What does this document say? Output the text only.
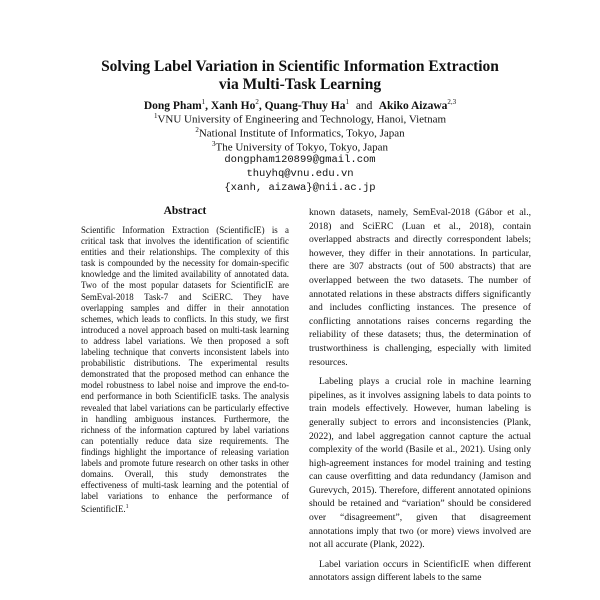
Solving Label Variation in Scientific Information Extraction
via Multi-Task Learning
Dong Pham$^1$, Xanh Ho$^2$, Quang-Thuy Ha$^1$ and Akiko Aizawa$^{2,3}$
$^1$VNU University of Engineering and Technology, Hanoi, Vietnam
$^2$National Institute of Informatics, Tokyo, Japan
$^3$The University of Tokyo, Tokyo, Japan
dongpham120899@gmail.com
thuyhq@vnu.edu.vn
{xanh, aizawa}@nii.ac.jp
Abstract
Scientific Information Extraction (ScientificIE) is a critical task that involves the identification of scientific entities and their relationships. The complexity of this task is compounded by the necessity for domain-specific knowledge and the limited availability of annotated data. Two of the most popular datasets for ScientificIE are SemEval-2018 Task-7 and SciERC. They have overlapping samples and differ in their annotation schemes, which leads to conflicts. In this study, we first introduced a novel approach based on multi-task learning to address label variations. We then proposed a soft labeling technique that converts inconsistent labels into probabilistic distributions. The experimental results demonstrated that the proposed method can enhance the model robustness to label noise and improve the end-to-end performance in both ScientificIE tasks. The analysis revealed that label variations can be particularly effective in handling ambiguous instances. Furthermore, the richness of the information captured by label variations can potentially reduce data size requirements. The findings highlight the importance of releasing variation labels and promote future research on other tasks in other domains. Overall, this study demonstrates the effectiveness of multi-task learning and the potential of label variations to enhance the performance of ScientificIE.$^1$

known datasets, namely, SemEval-2018 (Gábor et al., 2018) and SciERC (Luan et al., 2018), contain overlapped abstracts and directly correspondent labels; however, they differ in their annotations. In particular, there are 307 abstracts (out of 500 abstracts) that are overlapped between the two datasets. The number of annotated relations in these abstracts differs significantly and includes conflicting instances. The presence of conflicting annotations raises concerns regarding the reliability of these datasets; thus, the determination of trustworthiness is challenging, especially with limited resources.

Labeling plays a crucial role in machine learning pipelines, as it involves assigning labels to data points to train models effectively. However, human labeling is generally subject to errors and inconsistencies (Plank, 2022), and label aggregation cannot capture the actual complexity of the world (Basile et al., 2021). Using only high-agreement instances for model training and testing can cause overfitting and data redundancy (Jamison and Gurevych, 2015). Therefore, different annotated opinions should be retained and “variation” should be considered over “disagreement”, given that disagreement annotations imply that two (or more) views involved are not all accurate (Plank, 2022).

Label variation occurs in ScientificIE when different annotators assign different labels to the same
